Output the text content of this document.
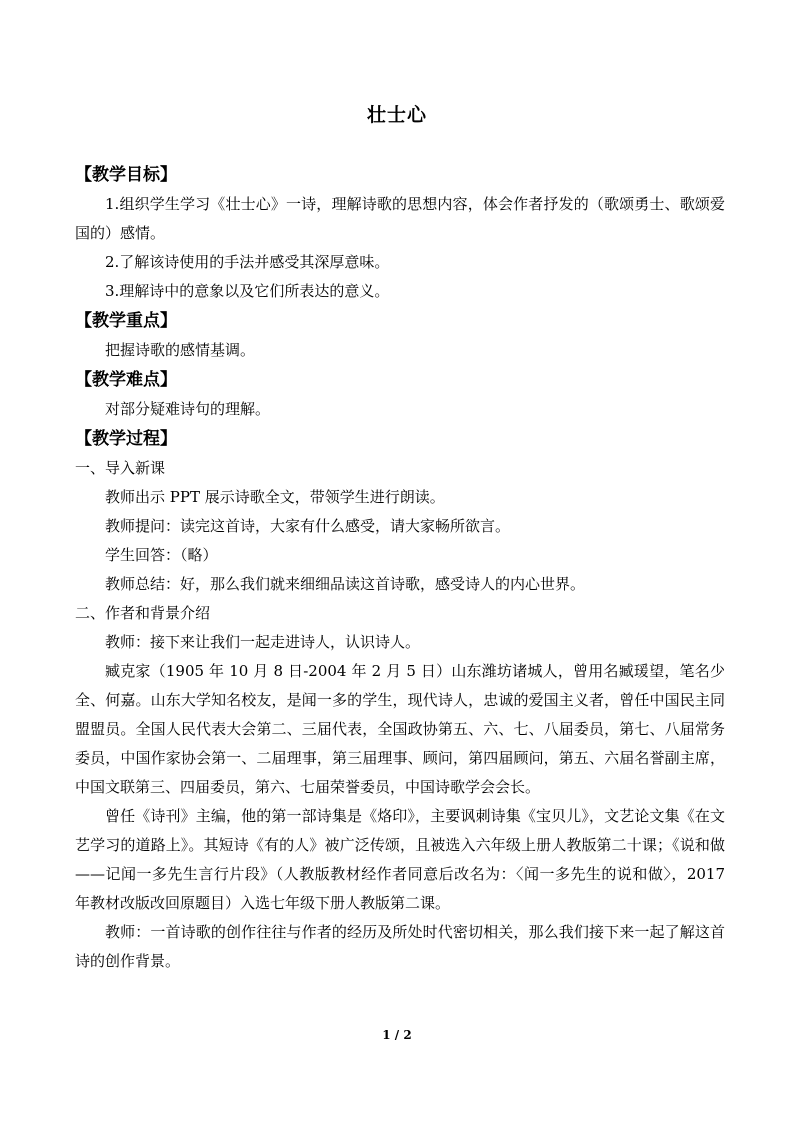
壮士心
【教学目标】

1.组织学生学习《壮士心》一诗，理解诗歌的思想内容，体会作者抒发的（歌颂勇士、歌颂爱国的）感情。

2.了解该诗使用的手法并感受其深厚意味。

3.理解诗中的意象以及它们所表达的意义。

【教学重点】

把握诗歌的感情基调。

【教学难点】

对部分疑难诗句的理解。

【教学过程】

一、导入新课

教师出示 PPT 展示诗歌全文，带领学生进行朗读。

教师提问：读完这首诗，大家有什么感受，请大家畅所欲言。

学生回答：（略）

教师总结：好，那么我们就来细细品读这首诗歌，感受诗人的内心世界。

二、作者和背景介绍

教师：接下来让我们一起走进诗人，认识诗人。

臧克家（1905 年 10 月 8 日-2004 年 2 月 5 日）山东潍坊诸城人，曾用名臧瑗望，笔名少全、何嘉。山东大学知名校友，是闻一多的学生，现代诗人，忠诚的爱国主义者，曾任中国民主同盟盟员。全国人民代表大会第二、三届代表，全国政协第五、六、七、八届委员，第七、八届常务委员，中国作家协会第一、二届理事，第三届理事、顾问，第四届顾问，第五、六届名誉副主席，中国文联第三、四届委员，第六、七届荣誉委员，中国诗歌学会会长。

曾任《诗刊》主编，他的第一部诗集是《烙印》，主要讽刺诗集《宝贝儿》，文艺论文集《在文艺学习的道路上》。其短诗《有的人》被广泛传颂，且被选入六年级上册人教版第二十课；《说和做——记闻一多先生言行片段》（人教版教材经作者同意后改名为：〈闻一多先生的说和做〉，2017 年教材改版改回原题目）入选七年级下册人教版第二课。

教师：一首诗歌的创作往往与作者的经历及所处时代密切相关，那么我们接下来一起了解这首诗的创作背景。

1 / 2
